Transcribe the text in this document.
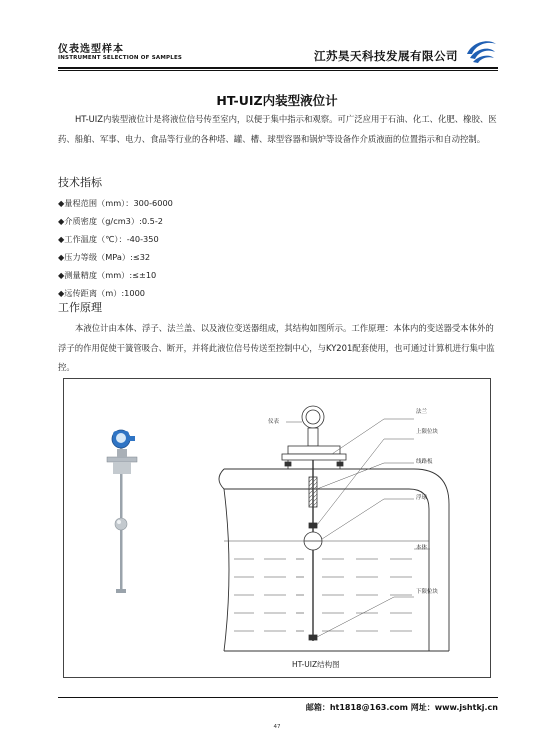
仪表选型样本
INSTRUMENT SELECTION OF SAMPLES	江苏昊天科技发展有限公司
HT-UIZ内装型液位计
HT-UIZ内装型液位计是将液位信号传至室内，以便于集中指示和观察。可广泛应用于石油、化工、化肥、橡胶、医药、船舶、军事、电力、食品等行业的各种塔、罐、槽、球型容器和锅炉等设备作介质液面的位置指示和自动控制。
技术指标
◆量程范围（mm）：300-6000
◆介质密度（g/cm3）:0.5-2
◆工作温度（℃）：-40-350
◆压力等级（MPa）:≤32
◆测量精度（mm）:≤±10
◆远传距离（m）:1000
工作原理
本液位计由本体、浮子、法兰盖、以及液位变送器组成，其结构如图所示。工作原理：本体内的变送器受本体外的浮子的作用促使干簧管吸合、断开，并将此液位信号传送至控制中心，与KY201配套使用，也可通过计算机进行集中监控。
仪表
法兰
上限位块
线路板
浮球
本体
下限位块
HT-UIZ结构图
邮箱：ht1818@163.com 网址：www.jshtkj.cn
47
